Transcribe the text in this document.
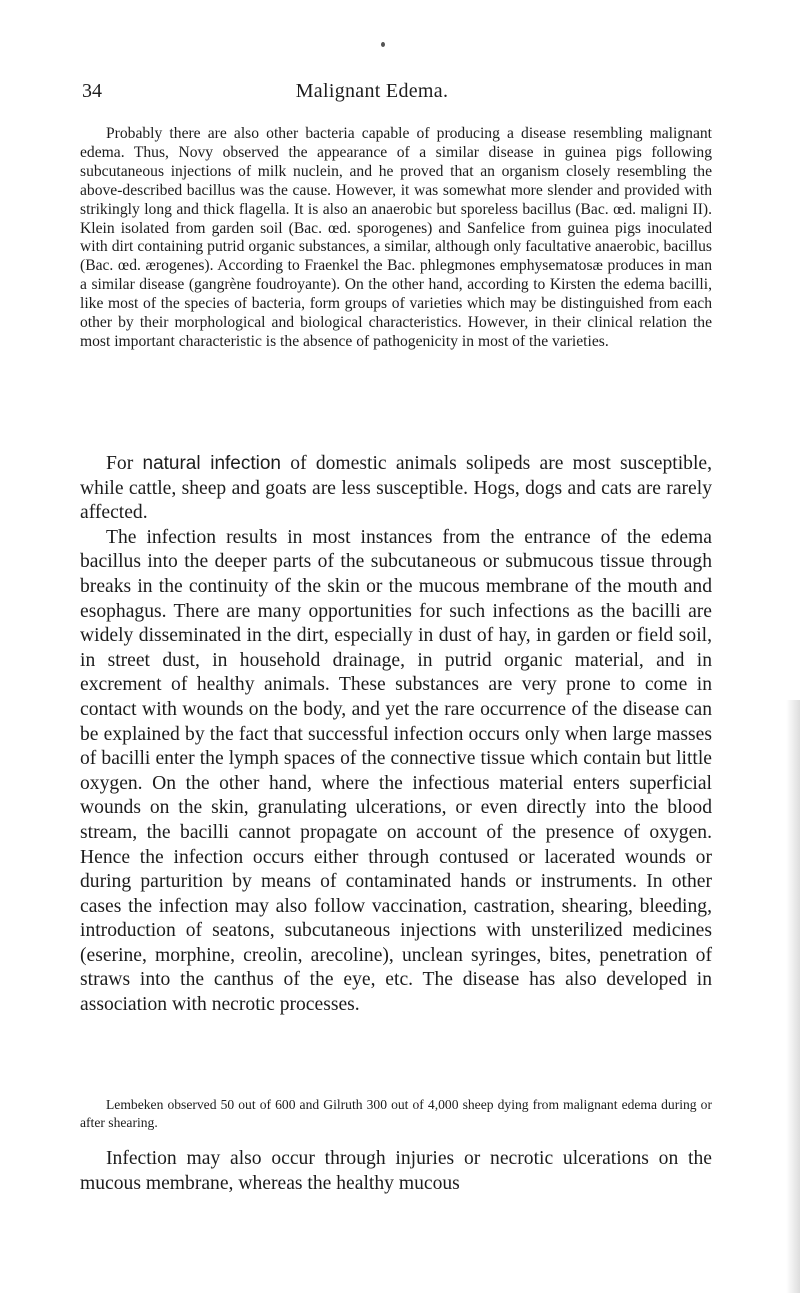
Malignant Edema.
34

Probably there are also other bacteria capable of producing a disease resembling malignant edema. Thus, Novy observed the appearance of a similar disease in guinea pigs following subcutaneous injections of milk nuclein, and he proved that an organism closely resembling the above-described bacillus was the cause. However, it was somewhat more slender and provided with strikingly long and thick flagella. It is also an anaerobic but sporeless bacillus (Bac. œd. maligni II). Klein isolated from garden soil (Bac. œd. sporogenes) and Sanfelice from guinea pigs inoculated with dirt containing putrid organic substances, a similar, although only facultative anaerobic, bacillus (Bac. œd. ærogenes). According to Fraenkel the Bac. phlegmones emphysematosæ produces in man a similar disease (gangrène foudroyante). On the other hand, according to Kirsten the edema bacilli, like most of the species of bacteria, form groups of varieties which may be distinguished from each other by their morphological and biological characteristics. However, in their clinical relation the most important characteristic is the absence of pathogenicity in most of the varieties.

For natural infection of domestic animals solipeds are most susceptible, while cattle, sheep and goats are less susceptible. Hogs, dogs and cats are rarely affected.
The infection results in most instances from the entrance of the edema bacillus into the deeper parts of the subcutaneous or submucous tissue through breaks in the continuity of the skin or the mucous membrane of the mouth and esophagus. There are many opportunities for such infections as the bacilli are widely disseminated in the dirt, especially in dust of hay, in garden or field soil, in street dust, in household drainage, in putrid organic material, and in excrement of healthy animals. These substances are very prone to come in contact with wounds on the body, and yet the rare occurrence of the disease can be explained by the fact that successful infection occurs only when large masses of bacilli enter the lymph spaces of the connective tissue which contain but little oxygen. On the other hand, where the infectious material enters superficial wounds on the skin, granulating ulcerations, or even directly into the blood stream, the bacilli cannot propagate on account of the presence of oxygen. Hence the infection occurs either through contused or lacerated wounds or during parturition by means of contaminated hands or instruments. In other cases the infection may also follow vaccination, castration, shearing, bleeding, introduction of seatons, subcutaneous injections with unsterilized medicines (eserine, morphine, creolin, arecoline), unclean syringes, bites, penetration of straws into the canthus of the eye, etc. The disease has also developed in association with necrotic processes.

Lembeken observed 50 out of 600 and Gilruth 300 out of 4,000 sheep dying from malignant edema during or after shearing.

Infection may also occur through injuries or necrotic ulcerations on the mucous membrane, whereas the healthy mucous
